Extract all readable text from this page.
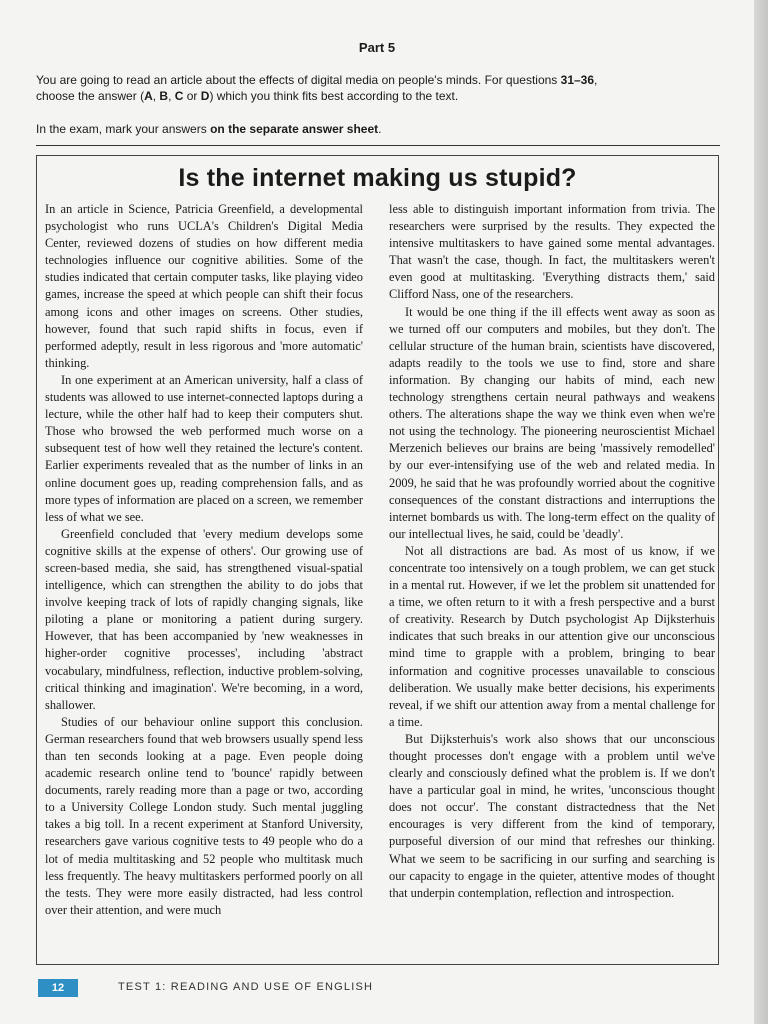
Part 5
You are going to read an article about the effects of digital media on people's minds. For questions 31–36,
choose the answer (A, B, C or D) which you think fits best according to the text.
In the exam, mark your answers on the separate answer sheet.
Is the internet making us stupid?

In an article in Science, Patricia Greenfield, a developmental psychologist who runs UCLA's Children's Digital Media Center, reviewed dozens of studies on how different media technologies influence our cognitive abilities. Some of the studies indicated that certain computer tasks, like playing video games, increase the speed at which people can shift their focus among icons and other images on screens. Other studies, however, found that such rapid shifts in focus, even if performed adeptly, result in less rigorous and 'more automatic' thinking.

In one experiment at an American university, half a class of students was allowed to use internet-connected laptops during a lecture, while the other half had to keep their computers shut. Those who browsed the web performed much worse on a subsequent test of how well they retained the lecture's content. Earlier experiments revealed that as the number of links in an online document goes up, reading comprehension falls, and as more types of information are placed on a screen, we remember less of what we see.

Greenfield concluded that 'every medium develops some cognitive skills at the expense of others'. Our growing use of screen-based media, she said, has strengthened visual-spatial intelligence, which can strengthen the ability to do jobs that involve keeping track of lots of rapidly changing signals, like piloting a plane or monitoring a patient during surgery. However, that has been accompanied by 'new weaknesses in higher-order cognitive processes', including 'abstract vocabulary, mindfulness, reflection, inductive problem-solving, critical thinking and imagination'. We're becoming, in a word, shallower.

Studies of our behaviour online support this conclusion. German researchers found that web browsers usually spend less than ten seconds looking at a page. Even people doing academic research online tend to 'bounce' rapidly between documents, rarely reading more than a page or two, according to a University College London study. Such mental juggling takes a big toll. In a recent experiment at Stanford University, researchers gave various cognitive tests to 49 people who do a lot of media multitasking and 52 people who multitask much less frequently. The heavy multitaskers performed poorly on all the tests. They were more easily distracted, had less control over their attention, and were much

less able to distinguish important information from trivia. The researchers were surprised by the results. They expected the intensive multitaskers to have gained some mental advantages. That wasn't the case, though. In fact, the multitaskers weren't even good at multitasking. 'Everything distracts them,' said Clifford Nass, one of the researchers.

It would be one thing if the ill effects went away as soon as we turned off our computers and mobiles, but they don't. The cellular structure of the human brain, scientists have discovered, adapts readily to the tools we use to find, store and share information. By changing our habits of mind, each new technology strengthens certain neural pathways and weakens others. The alterations shape the way we think even when we're not using the technology. The pioneering neuroscientist Michael Merzenich believes our brains are being 'massively remodelled' by our ever-intensifying use of the web and related media. In 2009, he said that he was profoundly worried about the cognitive consequences of the constant distractions and interruptions the internet bombards us with. The long-term effect on the quality of our intellectual lives, he said, could be 'deadly'.

Not all distractions are bad. As most of us know, if we concentrate too intensively on a tough problem, we can get stuck in a mental rut. However, if we let the problem sit unattended for a time, we often return to it with a fresh perspective and a burst of creativity. Research by Dutch psychologist Ap Dijksterhuis indicates that such breaks in our attention give our unconscious mind time to grapple with a problem, bringing to bear information and cognitive processes unavailable to conscious deliberation. We usually make better decisions, his experiments reveal, if we shift our attention away from a mental challenge for a time.

But Dijksterhuis's work also shows that our unconscious thought processes don't engage with a problem until we've clearly and consciously defined what the problem is. If we don't have a particular goal in mind, he writes, 'unconscious thought does not occur'. The constant distractedness that the Net encourages is very different from the kind of temporary, purposeful diversion of our mind that refreshes our thinking. What we seem to be sacrificing in our surfing and searching is our capacity to engage in the quieter, attentive modes of thought that underpin contemplation, reflection and introspection.

12	TEST 1: READING AND USE OF ENGLISH
